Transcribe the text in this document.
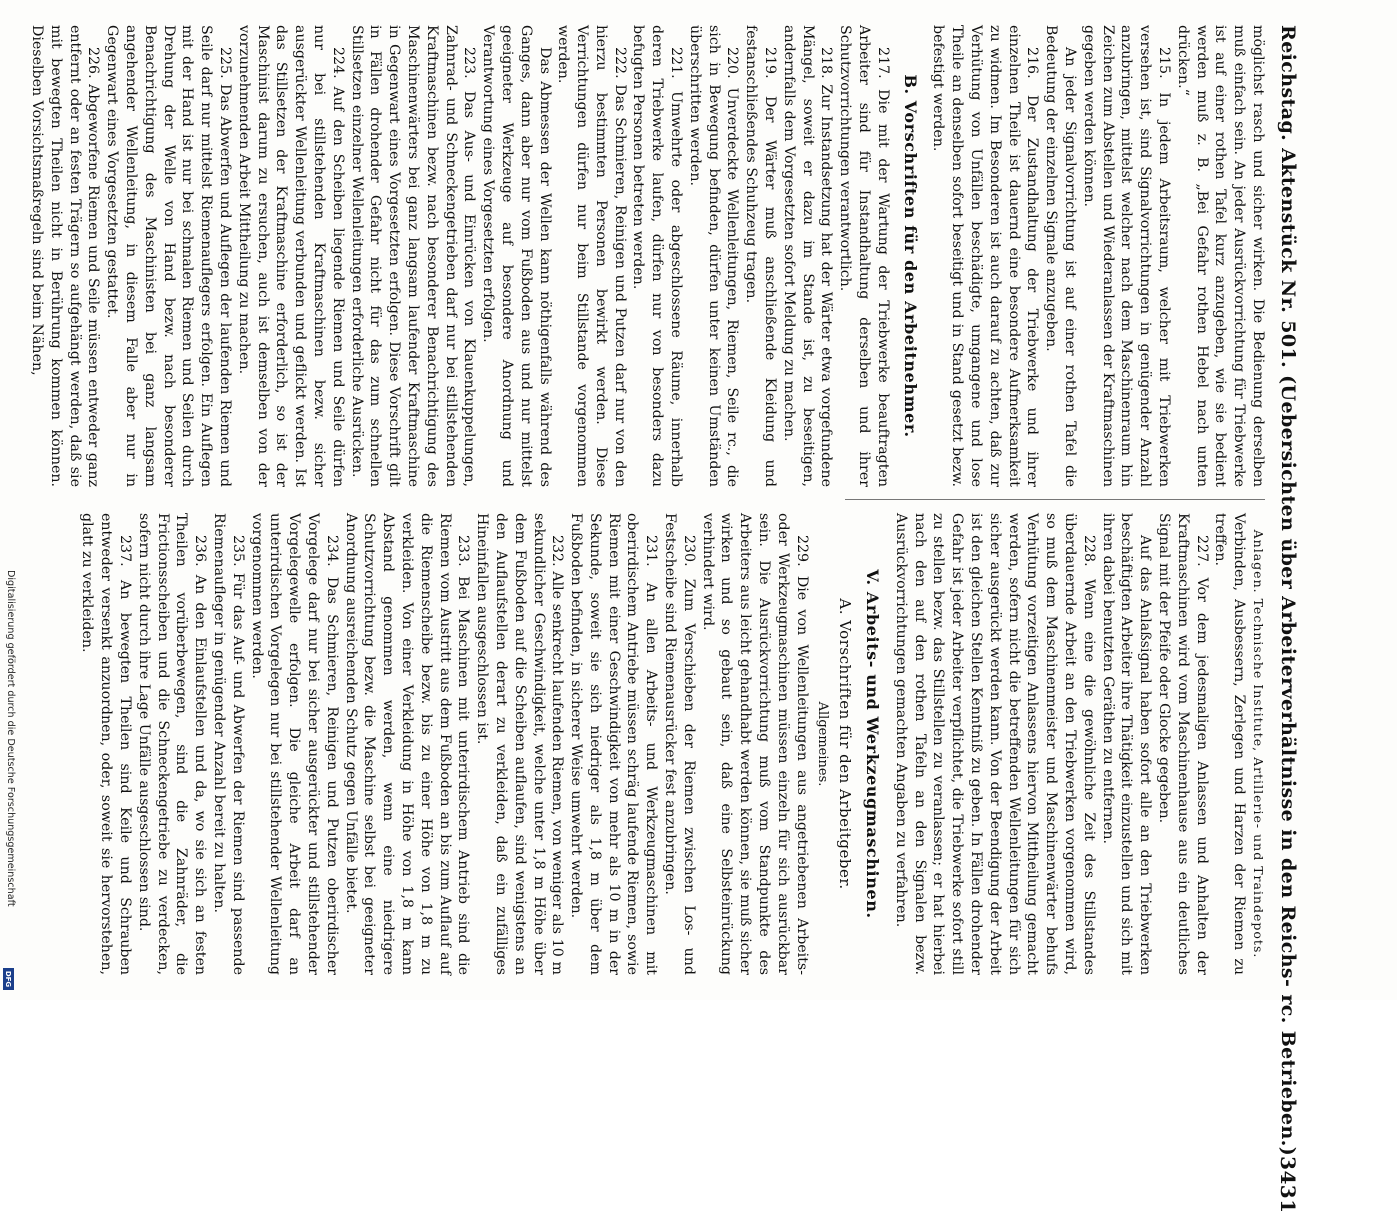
Reichstag. Aktenstück Nr. 501. (Uebersichten über Arbeiterverhältnisse in den Reichs- rc. Betrieben.)
3431

möglichst rasch und sicher wirken. Die Bedienung derselben muß einfach sein. An jeder Ausrückvorrichtung für Triebwerke ist auf einer rothen Tafel kurz anzugeben, wie sie bedient werden muß z. B. „Bei Gefahr rothen Hebel nach unten drücken.“

215. In jedem Arbeitsraum, welcher mit Triebwerken versehen ist, sind Signalvorrichtungen in genügender Anzahl anzubringen, mittelst welcher nach dem Maschinenraum hin Zeichen zum Abstellen und Wiederanlassen der Kraftmaschinen gegeben werden können.

An jeder Signalvorrichtung ist auf einer rothen Tafel die Bedeutung der einzelnen Signale anzugeben.

216. Der Zustandhaltung der Triebwerke und ihrer einzelnen Theile ist dauernd eine besondere Aufmerksamkeit zu widmen. Im Besonderen ist auch darauf zu achten, daß zur Verhütung von Unfällen beschädigte, umgangene und lose Theile an denselben sofort beseitigt und in Stand gesetzt bezw. befestigt werden.

B. Vorschriften für den Arbeitnehmer.

217. Die mit der Wartung der Triebwerke beauftragten Arbeiter sind für Instandhaltung derselben und ihrer Schutzvorrichtungen verantwortlich.

218. Zur Instandsetzung hat der Wärter etwa vorgefundene Mängel, soweit er dazu im Stande ist, zu beseitigen, andernfalls dem Vorgesetzten sofort Meldung zu machen.

219. Der Wärter muß anschließende Kleidung und festanschließendes Schuhzeug tragen.

220. Unverdeckte Wellenleitungen, Riemen, Seile rc., die sich in Bewegung befinden, dürfen unter keinen Umständen überschritten werden.

221. Umwehrte oder abgeschlossene Räume, innerhalb deren Triebwerke laufen, dürfen nur von besonders dazu befugten Personen betreten werden.

222. Das Schmieren, Reinigen und Putzen darf nur von den hierzu bestimmten Personen bewirkt werden. Diese Verrichtungen dürfen nur beim Stillstande vorgenommen werden.

Das Abmessen der Wellen kann nöthigenfalls während des Ganges, dann aber nur vom Fußboden aus und nur mittelst geeigneter Werkzeuge auf besondere Anordnung und Verantwortung eines Vorgesetzten erfolgen.

223. Das Aus- und Einrücken von Klauenkuppelungen, Zahnrad- und Schneckengetrieben darf nur bei stillstehenden Kraftmaschinen bezw. nach besonderer Benachrichtigung des Maschinenwärters bei ganz langsam laufender Kraftmaschine in Gegenwart eines Vorgesetzten erfolgen. Diese Vorschrift gilt in Fällen drohender Gefahr nicht für das zum schnellen Stillsetzen einzelner Wellenleitungen erforderliche Ausrücken.

224. Auf den Scheiben liegende Riemen und Seile dürfen nur bei stillstehenden Kraftmaschinen bezw. sicher ausgerückter Wellenleitung verbunden und geflickt werden. Ist das Stillsetzen der Kraftmaschine erforderlich, so ist der Maschinist darum zu ersuchen, auch ist demselben von der vorzunehmenden Arbeit Mittheilung zu machen.

225. Das Abwerfen und Auflegen der laufenden Riemen und Seile darf nur mittelst Riemenauflegers erfolgen. Ein Auflegen mit der Hand ist nur bei schmalen Riemen und Seilen durch Drehung der Welle von Hand bezw. nach besonderer Benachrichtigung des Maschinisten bei ganz langsam angehender Wellenleitung, in diesem Falle aber nur in Gegenwart eines Vorgesetzten gestattet.

226. Abgeworfene Riemen und Seile müssen entweder ganz entfernt oder an festen Trägern so aufgehängt werden, daß sie mit bewegten Theilen nicht in Berührung kommen können. Dieselben Vorsichtsmaßregeln sind beim Nähen,

Anlagen. Technische Institute, Artillerie- und Traindepots.

Verbinden, Ausbessern, Zerlegen und Harzen der Riemen zu treffen.

227. Vor dem jedesmaligen Anlassen und Anhalten der Kraftmaschinen wird vom Maschinenhause aus ein deutliches Signal mit der Pfeife oder Glocke gegeben.

Auf das Anlaßsignal haben sofort alle an den Triebwerken beschäftigten Arbeiter ihre Thätigkeit einzustellen und sich mit ihren dabei benutzten Geräthen zu entfernen.

228. Wenn eine die gewöhnliche Zeit des Stillstandes überdauernde Arbeit an den Triebwerken vorgenommen wird, so muß dem Maschinenmeister und Maschinenwärter behufs Verhütung vorzeitigen Anlassens hiervon Mittheilung gemacht werden, sofern nicht die betreffenden Wellenleitungen für sich sicher ausgerückt werden kann. Von der Beendigung der Arbeit ist den gleichen Stellen Kenntniß zu geben. In Fällen drohender Gefahr ist jeder Arbeiter verpflichtet, die Triebwerke sofort still zu stellen bezw. das Stillstellen zu veranlassen; er hat hierbei nach den auf den rothen Tafeln an den Signalen bezw. Ausrückvorrichtungen gemachten Angaben zu verfahren.

V. Arbeits- und Werkzeugmaschinen.
A. Vorschriften für den Arbeitgeber.
Allgemeines.

229. Die von Wellenleitungen aus angetriebenen Arbeits- oder Werkzeugmaschinen müssen einzeln für sich ausrückbar sein. Die Ausrückvorrichtung muß vom Standpunkte des Arbeiters aus leicht gehandhabt werden können, sie muß sicher wirken und so gebaut sein, daß eine Selbsteinrückung verhindert wird.

230. Zum Verschieben der Riemen zwischen Los- und Festscheibe sind Riemenausrücker fest anzubringen.

231. An allen Arbeits- und Werkzeugmaschinen mit oberirdischem Antriebe müssen schräg laufende Riemen, sowie Riemen mit einer Geschwindigkeit von mehr als 10 m in der Sekunde, soweit sie sich niedriger als 1,8 m über dem Fußboden befinden, in sicherer Weise umwehrt werden.

232. Alle senkrecht laufenden Riemen, von weniger als 10 m sekundlicher Geschwindigkeit, welche unter 1,8 m Höhe über dem Fußboden auf die Scheiben auflaufen, sind wenigstens an den Auflaufstellen derart zu verkleiden, daß ein zufälliges Hineinfallen ausgeschlossen ist.

233. Bei Maschinen mit unterirdischem Antrieb sind die Riemen vom Austritt aus dem Fußboden an bis zum Auflauf auf die Riemenscheibe bezw. bis zu einer Höhe von 1,8 m zu verkleiden. Von einer Verkleidung in Höhe von 1,8 m kann Abstand genommen werden, wenn eine niedrigere Schutzvorrichtung bezw. die Maschine selbst bei geeigneter Anordnung ausreichenden Schutz gegen Unfälle bietet.

234. Das Schmieren, Reinigen und Putzen oberirdischer Vorgelege darf nur bei sicher ausgerückter und stillstehender Vorgelegewelle erfolgen. Die gleiche Arbeit darf an unterirdischen Vorgelegen nur bei stillstehender Wellenleitung vorgenommen werden.

235. Für das Auf- und Abwerfen der Riemen sind passende Riemenaufleger in genügender Anzahl bereit zu halten.

236. An den Einlaufstellen und da, wo sie sich an festen Theilen vorüberbewegen, sind die Zahnräder, die Frictionsscheiben und die Schneckengetriebe zu verdecken, sofern nicht durch ihre Lage Unfälle ausgeschlossen sind.

237. An bewegten Theilen sind Keile und Schrauben entweder versenkt anzuordnen, oder, soweit sie hervorstehen, glatt zu verkleiden.

Digitalisierung gefördert durch die Deutsche Forschungsgemeinschaft
DFG
